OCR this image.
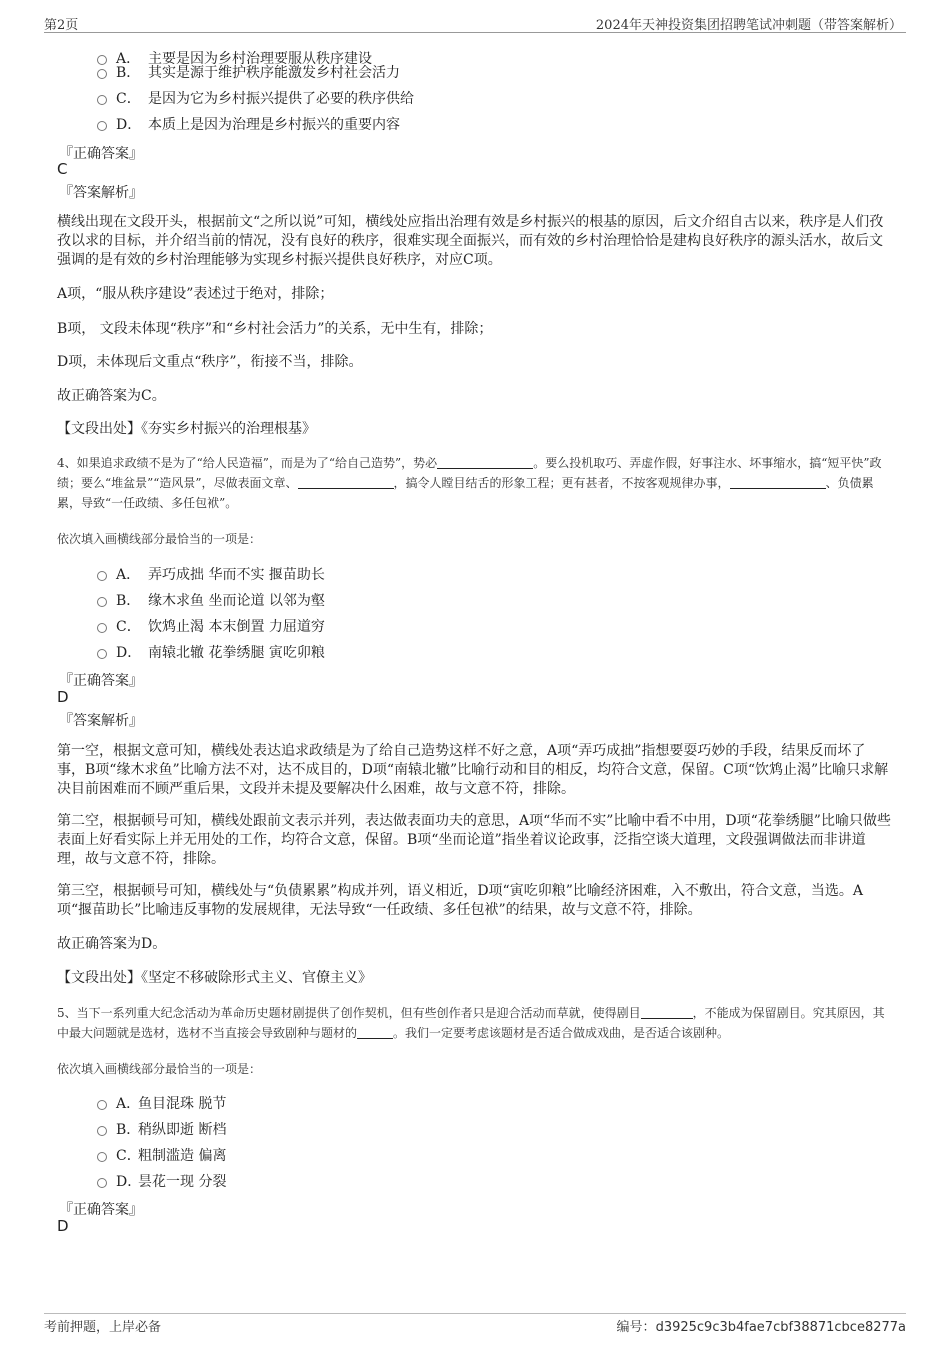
第2页	2024年天神投资集团招聘笔试冲刺题（带答案解析）
A． 主要是因为乡村治理要服从秩序建设
B． 其实是源于维护秩序能激发乡村社会活力
C． 是因为它为乡村振兴提供了必要的秩序供给
D． 本质上是因为治理是乡村振兴的重要内容
『正确答案』
C
『答案解析』
横线出现在文段开头，根据前文“之所以说”可知，横线处应指出治理有效是乡村振兴的根基的原因，后文介绍自古以来，秩序是人们孜孜以求的目标，并介绍当前的情况，没有良好的秩序，很难实现全面振兴，而有效的乡村治理恰恰是建构良好秩序的源头活水，故后文强调的是有效的乡村治理能够为实现乡村振兴提供良好秩序，对应C项。
A项，“服从秩序建设”表述过于绝对，排除；
B项， 文段未体现“秩序”和“乡村社会活力”的关系，无中生有，排除；
D项，未体现后文重点“秩序”，衔接不当，排除。
故正确答案为C。
【文段出处】《夯实乡村振兴的治理根基》
4、如果追求政绩不是为了“给人民造福”，而是为了“给自己造势”，势必	。要么投机取巧、弄虚作假，好事注水、坏事缩水，搞“短平快”政绩；要么“堆盆景”“造风景”，尽做表面文章、	，搞令人瞠目结舌的形象工程；更有甚者，不按客观规律办事，	、负债累累，导致“一任政绩、多任包袱”。
依次填入画横线部分最恰当的一项是：
A． 弄巧成拙 华而不实 揠苗助长
B． 缘木求鱼 坐而论道 以邻为壑
C． 饮鸩止渴 本末倒置 力屈道穷
D． 南辕北辙 花拳绣腿 寅吃卯粮
『正确答案』
D
『答案解析』
第一空，根据文意可知，横线处表达追求政绩是为了给自己造势这样不好之意，A项“弄巧成拙”指想要耍巧妙的手段，结果反而坏了事，B项“缘木求鱼”比喻方法不对，达不成目的，D项“南辕北辙”比喻行动和目的相反，均符合文意，保留。C项“饮鸩止渴”比喻只求解决目前困难而不顾严重后果，文段并未提及要解决什么困难，故与文意不符，排除。
第二空，根据顿号可知，横线处跟前文表示并列，表达做表面功夫的意思，A项“华而不实”比喻中看不中用，D项“花拳绣腿”比喻只做些表面上好看实际上并无用处的工作，均符合文意，保留。B项“坐而论道”指坐着议论政事，泛指空谈大道理，文段强调做法而非讲道理，故与文意不符，排除。
第三空，根据顿号可知，横线处与“负债累累”构成并列，语义相近，D项“寅吃卯粮”比喻经济困难，入不敷出，符合文意，当选。A项“揠苗助长”比喻违反事物的发展规律，无法导致“一任政绩、多任包袱”的结果，故与文意不符，排除。
故正确答案为D。
【文段出处】《坚定不移破除形式主义、官僚主义》
5、当下一系列重大纪念活动为革命历史题材剧提供了创作契机，但有些创作者只是迎合活动而草就，使得剧目	，不能成为保留剧目。究其原因，其中最大问题就是选材，选材不当直接会导致剧种与题材的	。我们一定要考虑该题材是否适合做成戏曲，是否适合该剧种。
依次填入画横线部分最恰当的一项是：
A．鱼目混珠 脱节
B．稍纵即逝 断档
C．粗制滥造 偏离
D．昙花一现 分裂
『正确答案』
D
考前押题，上岸必备	编号：d3925c9c3b4fae7cbf38871cbce8277a
